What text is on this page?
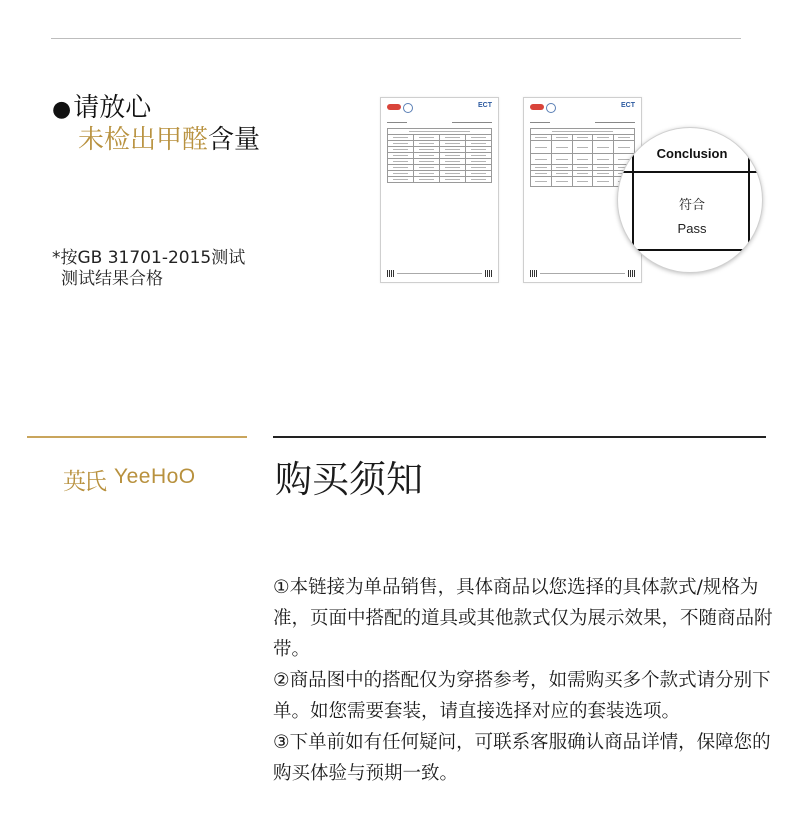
●请放心
未检出甲醛含量
*按GB 31701-2015测试
测试结果合格
ECT

		ECT

Conclusion
符合
Pass
英氏 YeeHoO 购买须知

①本链接为单品销售，具体商品以您选择的具体款式/规格为准，页面中搭配的道具或其他款式仅为展示效果，不随商品附带。

②商品图中的搭配仅为穿搭参考，如需购买多个款式请分别下单。如您需要套装，请直接选择对应的套装选项。

③下单前如有任何疑问，可联系客服确认商品详情，保障您的购买体验与预期一致。
